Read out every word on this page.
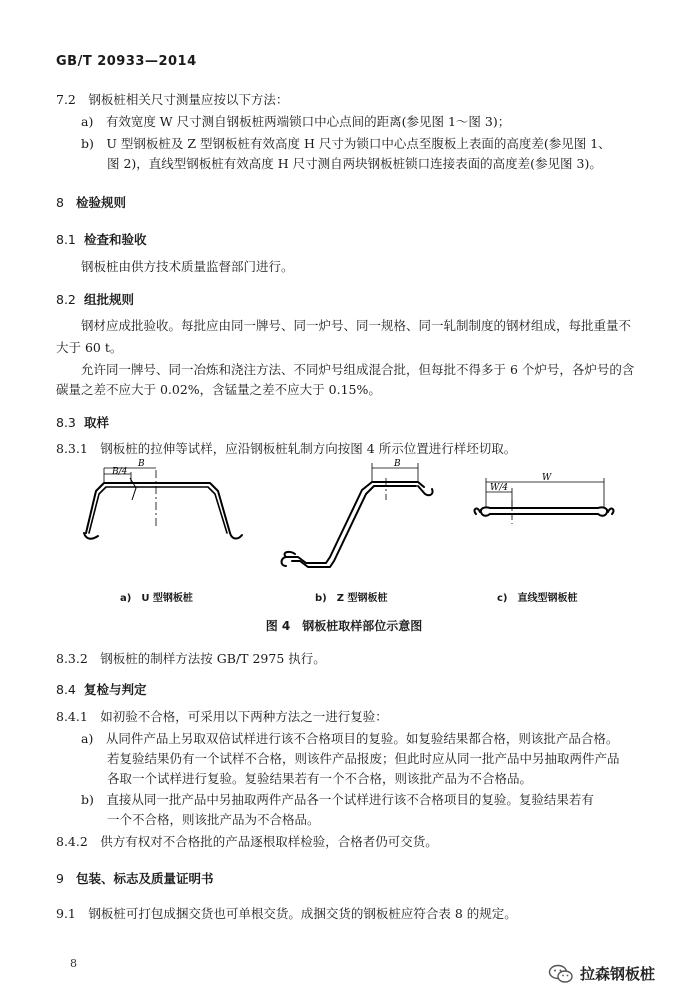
GB/T 20933—2014
7.2　钢板桩相关尺寸测量应按以下方法：
a)　有效宽度 W 尺寸测自钢板桩两端锁口中心点间的距离(参见图 1～图 3)；
b)　U 型钢板桩及 Z 型钢板桩有效高度 H 尺寸为锁口中心点至腹板上表面的高度差(参见图 1、
图 2)，直线型钢板桩有效高度 H 尺寸测自两块钢板桩锁口连接表面的高度差(参见图 3)。
8 检验规则
8.1 检查和验收
钢板桩由供方技术质量监督部门进行。
8.2 组批规则
钢材应成批验收。每批应由同一牌号、同一炉号、同一规格、同一轧制制度的钢材组成，每批重量不
大于 60 t。
允许同一牌号、同一冶炼和浇注方法、不同炉号组成混合批，但每批不得多于 6 个炉号，各炉号的含
碳量之差不应大于 0.02%，含锰量之差不应大于 0.15%。
8.3 取样
8.3.1　钢板桩的拉伸等试样，应沿钢板桩轧制方向按图 4 所示位置进行样坯切取。
B/4
B	B
W/4
W
a)　U 型钢板桩	b)　Z 型钢板桩	c)　直线型钢板桩
图 4　钢板桩取样部位示意图
8.3.2　钢板桩的制样方法按 GB/T 2975 执行。
8.4 复检与判定
8.4.1　如初验不合格，可采用以下两种方法之一进行复验：
a)　从同件产品上另取双倍试样进行该不合格项目的复验。如复验结果都合格，则该批产品合格。
若复验结果仍有一个试样不合格，则该件产品报废；但此时应从同一批产品中另抽取两件产品
各取一个试样进行复验。复验结果若有一个不合格，则该批产品为不合格品。
b)　直接从同一批产品中另抽取两件产品各一个试样进行该不合格项目的复验。复验结果若有
一个不合格，则该批产品为不合格品。
8.4.2　供方有权对不合格批的产品逐根取样检验，合格者仍可交货。
9 包装、标志及质量证明书
9.1　钢板桩可打包成捆交货也可单根交货。成捆交货的钢板桩应符合表 8 的规定。
8
拉森钢板桩
